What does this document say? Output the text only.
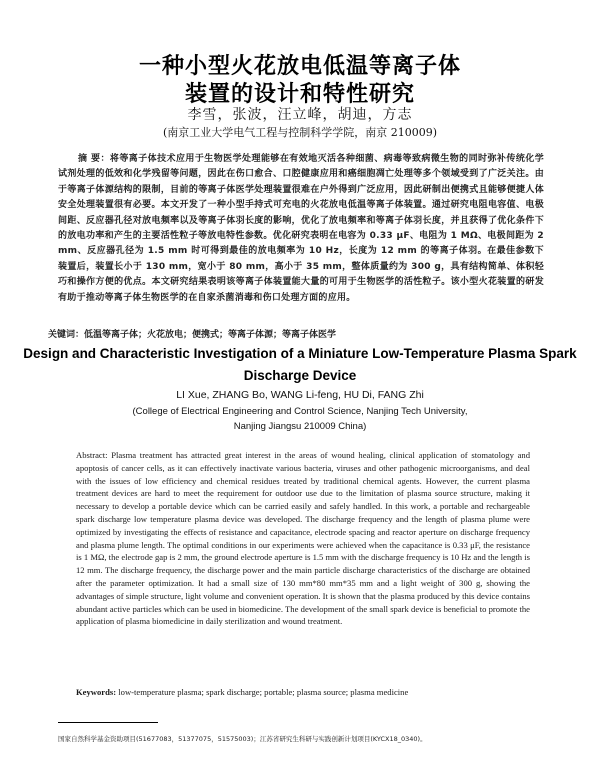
一种小型火花放电低温等离子体
装置的设计和特性研究
李雪，张波，汪立峰，胡迪，方志
(南京工业大学电气工程与控制科学学院，南京 210009)
摘 要：将等离子体技术应用于生物医学处理能够在有效地灭活各种细菌、病毒等致病微生物的同时弥补传统化学试剂处理的低效和化学残留等问题，因此在伤口愈合、口腔健康应用和癌细胞凋亡处理等多个领域受到了广泛关注。由于等离子体源结构的限制，目前的等离子体医学处理装置很难在户外得到广泛应用，因此研制出便携式且能够便捷人体安全处理装置很有必要。本文开发了一种小型手持式可充电的火花放电低温等离子体装置。通过研究电阻电容值、电极间距、反应器孔径对放电频率以及等离子体羽长度的影响，优化了放电频率和等离子体羽长度，并且获得了优化条件下的放电功率和产生的主要活性粒子等放电特性参数。优化研究表明在电容为 0.33 μF、电阻为 1 MΩ、电极间距为 2 mm、反应器孔径为 1.5 mm 时可得到最佳的放电频率为 10 Hz，长度为 12 mm 的等离子体羽。在最佳参数下装置后，装置长小于 130 mm，宽小于 80 mm，高小于 35 mm，整体质量约为 300 g，具有结构简单、体积轻巧和操作方便的优点。本文研究结果表明该等离子体装置能大量的可用于生物医学的活性粒子。该小型火花装置的研发有助于推动等离子体生物医学的在自家杀菌消毒和伤口处理方面的应用。
关键词：低温等离子体；火花放电；便携式；等离子体源；等离子体医学
Design and Characteristic Investigation of a Miniature Low-Temperature Plasma Spark
Discharge Device
LI Xue, ZHANG Bo, WANG Li-feng, HU Di, FANG Zhi
(College of Electrical Engineering and Control Science, Nanjing Tech University,
Nanjing Jiangsu 210009 China)
Abstract: Plasma treatment has attracted great interest in the areas of wound healing, clinical application of stomatology and apoptosis of cancer cells, as it can effectively inactivate various bacteria, viruses and other pathogenic microorganisms, and deal with the issues of low efficiency and chemical residues treated by traditional chemical agents. However, the current plasma treatment devices are hard to meet the requirement for outdoor use due to the limitation of plasma source structure, making it necessary to develop a portable device which can be carried easily and safely handled. In this work, a portable and rechargeable spark discharge low temperature plasma device was developed. The discharge frequency and the length of plasma plume were optimized by investigating the effects of resistance and capacitance, electrode spacing and reactor aperture on discharge frequency and plasma plume length. The optimal conditions in our experiments were achieved when the capacitance is 0.33 μF, the resistance is 1 MΩ, the electrode gap is 2 mm, the ground electrode aperture is 1.5 mm with the discharge frequency is 10 Hz and the length is 12 mm. The discharge frequency, the discharge power and the main particle discharge characteristics of the discharge are obtained after the parameter optimization. It had a small size of 130 mm*80 mm*35 mm and a light weight of 300 g, showing the advantages of simple structure, light volume and convenient operation. It is shown that the plasma produced by this device contains abundant active particles which can be used in biomedicine. The development of the small spark device is beneficial to promote the application of plasma biomedicine in daily sterilization and wound treatment.
Keywords: low-temperature plasma; spark discharge; portable; plasma source; plasma medicine
国家自然科学基金资助项目(51677083，51377075，51575003)；江苏省研究生科研与实践创新计划项目(KYCX18_0340)。
